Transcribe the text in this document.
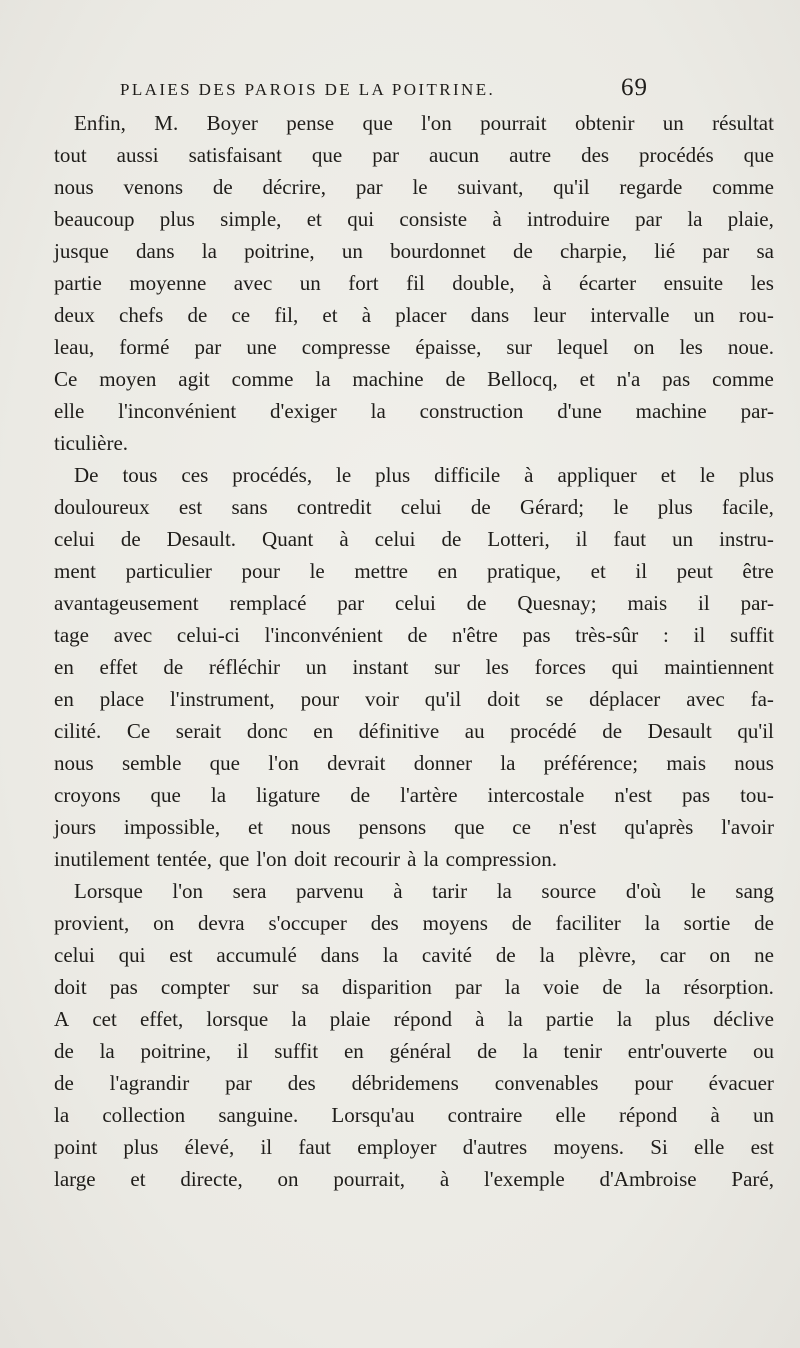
PLAIES DES PAROIS DE LA POITRINE.	69
Enfin, M. Boyer pense que l'on pourrait obtenir un résultat
tout aussi satisfaisant que par aucun autre des procédés que
nous venons de décrire, par le suivant, qu'il regarde comme
beaucoup plus simple, et qui consiste à introduire par la plaie,
jusque dans la poitrine, un bourdonnet de charpie, lié par sa
partie moyenne avec un fort fil double, à écarter ensuite les
deux chefs de ce fil, et à placer dans leur intervalle un rou-
leau, formé par une compresse épaisse, sur lequel on les noue.
Ce moyen agit comme la machine de Bellocq, et n'a pas comme
elle l'inconvénient d'exiger la construction d'une machine par-
ticulière.
De tous ces procédés, le plus difficile à appliquer et le plus
douloureux est sans contredit celui de Gérard; le plus facile,
celui de Desault. Quant à celui de Lotteri, il faut un instru-
ment particulier pour le mettre en pratique, et il peut être
avantageusement remplacé par celui de Quesnay; mais il par-
tage avec celui-ci l'inconvénient de n'être pas très-sûr : il suffit
en effet de réfléchir un instant sur les forces qui maintiennent
en place l'instrument, pour voir qu'il doit se déplacer avec fa-
cilité. Ce serait donc en définitive au procédé de Desault qu'il
nous semble que l'on devrait donner la préférence; mais nous
croyons que la ligature de l'artère intercostale n'est pas tou-
jours impossible, et nous pensons que ce n'est qu'après l'avoir
inutilement tentée, que l'on doit recourir à la compression.
Lorsque l'on sera parvenu à tarir la source d'où le sang
provient, on devra s'occuper des moyens de faciliter la sortie de
celui qui est accumulé dans la cavité de la plèvre, car on ne
doit pas compter sur sa disparition par la voie de la résorption.
A cet effet, lorsque la plaie répond à la partie la plus déclive
de la poitrine, il suffit en général de la tenir entr'ouverte ou
de l'agrandir par des débridemens convenables pour évacuer
la collection sanguine. Lorsqu'au contraire elle répond à un
point plus élevé, il faut employer d'autres moyens. Si elle est
large et directe, on pourrait, à l'exemple d'Ambroise Paré,
